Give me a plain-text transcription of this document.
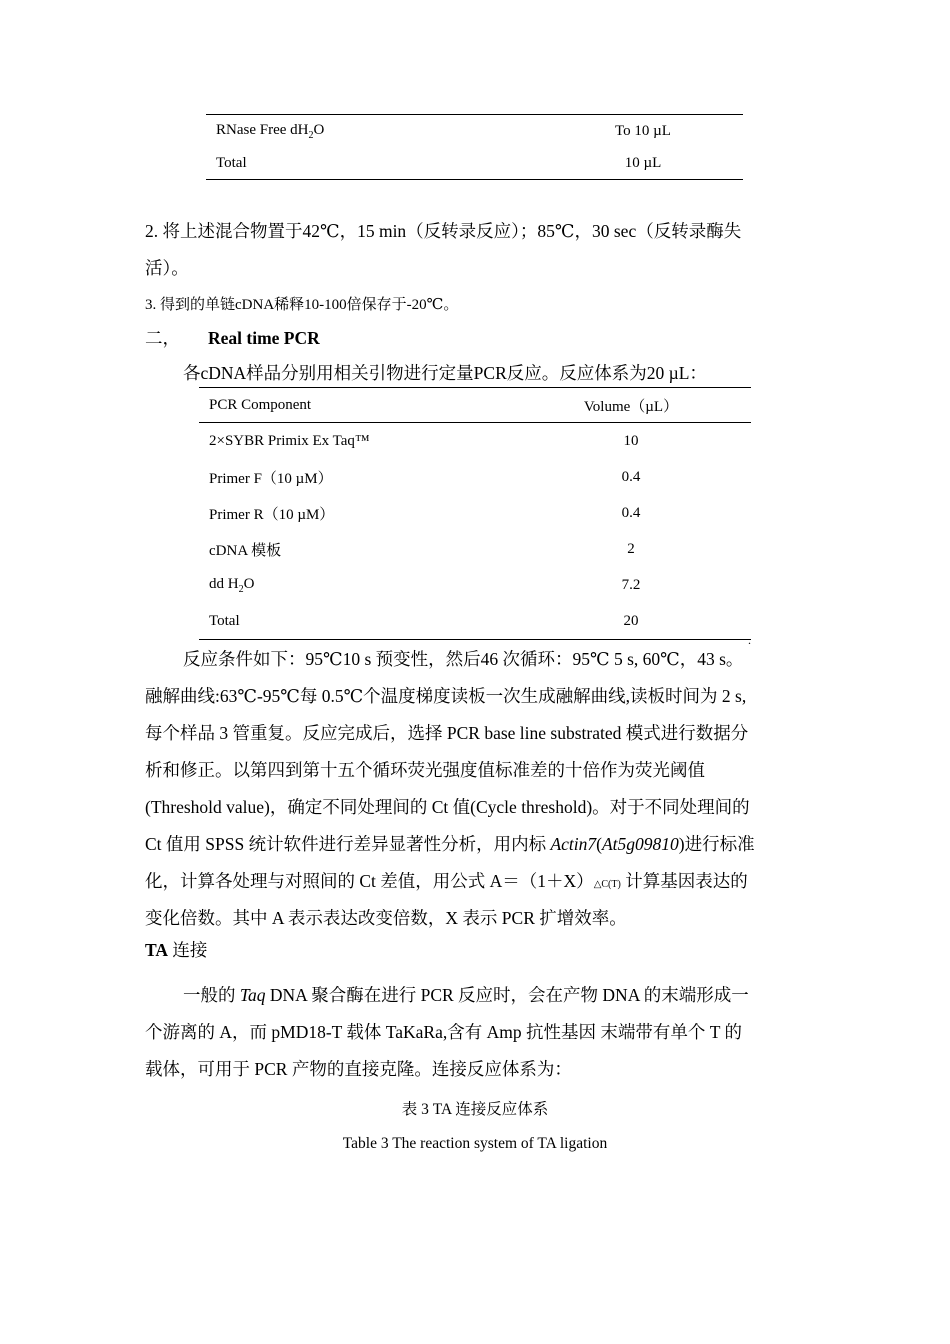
RNase Free $dH_2O$	To 10 µL
Total	10 µL
2. 将上述混合物置于42℃，15 min（反转录反应）；85℃，30 sec（反转录酶失
活）。
3. 得到的单链cDNA稀释10-100倍保存于-20℃。
二， Real time PCR
各cDNA样品分别用相关引物进行定量PCR反应。反应体系为20 µL：
PCR Component	Volume（µL）
2×SYBR Primix Ex Taq™	10
Primer F（10 µM）	0.4
Primer R（10 µM）	0.4
cDNA 模板	2
dd $H_2O$	7.2
Total	20
.
反应条件如下：95℃10 s 预变性，然后46 次循环：95℃ 5 s, 60℃，43 s。
融解曲线:63℃-95℃每 0.5℃个温度梯度读板一次生成融解曲线,读板时间为 2 s,
每个样品 3 管重复。反应完成后，选择 PCR base line substrated 模式进行数据分
析和修正。以第四到第十五个循环荧光强度值标准差的十倍作为荧光阈值
(Threshold value)，确定不同处理间的 Ct 值(Cycle threshold)。对于不同处理间的
Ct 值用 SPSS 统计软件进行差异显著性分析，用内标 Actin7(At5g09810)进行标准
化，计算各处理与对照间的 Ct 差值，用公式 A＝（1＋X）△C(T) 计算基因表达的
变化倍数。其中 A 表示表达改变倍数，X 表示 PCR 扩增效率。
TA 连接
一般的 Taq DNA 聚合酶在进行 PCR 反应时，会在产物 DNA 的末端形成一
个游离的 A，而 pMD18-T 载体 TaKaRa,含有 Amp 抗性基因 末端带有单个 T 的
载体，可用于 PCR 产物的直接克隆。连接反应体系为：
表 3 TA 连接反应体系
Table 3 The reaction system of TA ligation
